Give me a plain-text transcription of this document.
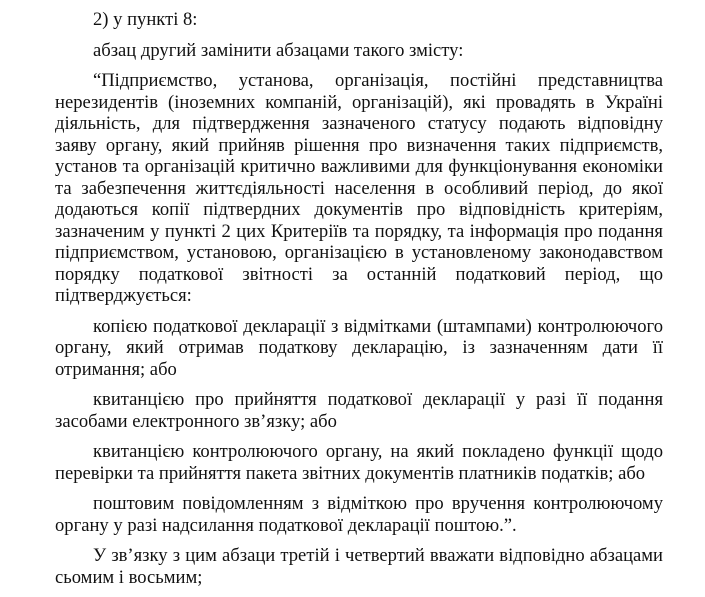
2) у пункті 8:

абзац другий замінити абзацами такого змісту:

“Підприємство, установа, організація, постійні представництва
нерезидентів (іноземних компаній, організацій), які провадять в Україні
діяльність, для підтвердження зазначеного статусу подають відповідну
заяву органу, який прийняв рішення про визначення таких підприємств,
установ та організацій критично важливими для функціонування економіки
та забезпечення життєдіяльності населення в особливий період, до якої
додаються копії підтвердних документів про відповідність критеріям,
зазначеним у пункті 2 цих Критеріїв та порядку, та інформація про подання
підприємством, установою, організацією в установленому законодавством
порядку податкової звітності за останній податковий період, що
підтверджується:

копією податкової декларації з відмітками (штампами) контролюючого
органу, який отримав податкову декларацію, із зазначенням дати її
отримання; або

квитанцією про прийняття податкової декларації у разі її подання
засобами електронного зв’язку; або

квитанцією контролюючого органу, на який покладено функції щодо
перевірки та прийняття пакета звітних документів платників податків; або

поштовим повідомленням з відміткою про вручення контролюючому
органу у разі надсилання податкової декларації поштою.”.

У зв’язку з цим абзаци третій і четвертий вважати відповідно абзацами
сьомим і восьмим;
